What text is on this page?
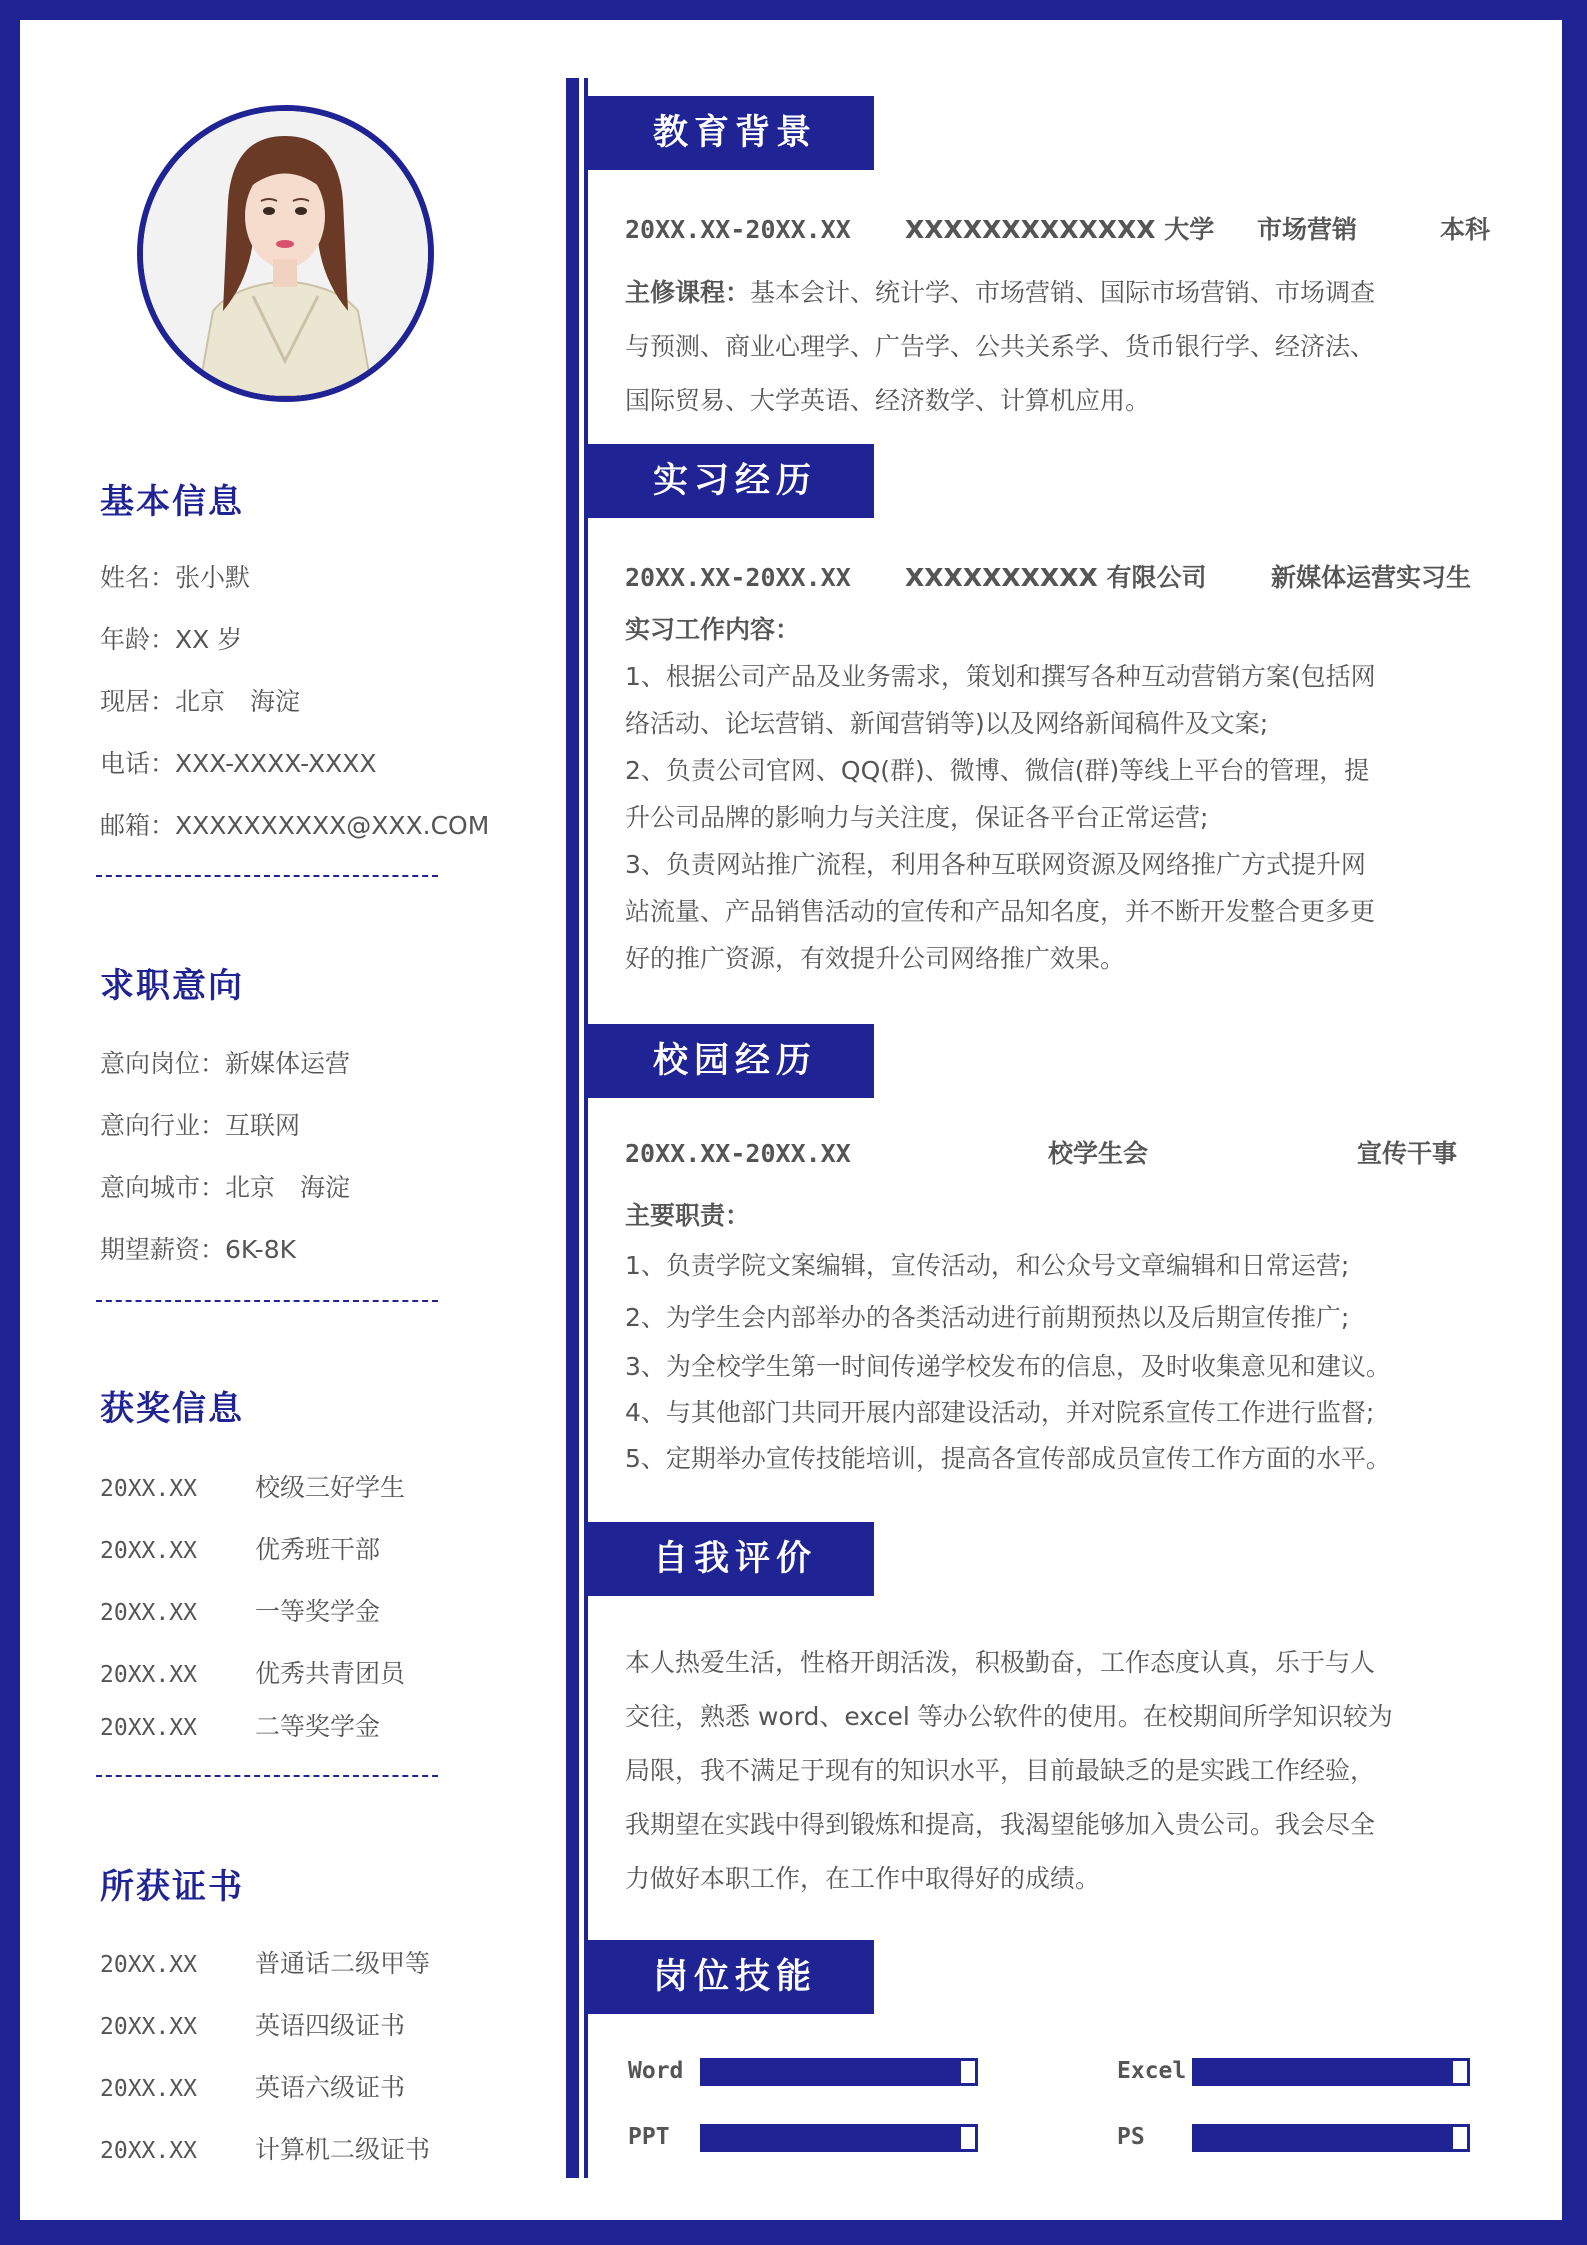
基本信息
姓名：张小默
年龄：XX 岁
现居：北京　海淀
电话：XXX-XXXX-XXXX
邮箱：XXXXXXXXXX@XXX.COM
求职意向
意向岗位：新媒体运营
意向行业：互联网
意向城市：北京　海淀
期望薪资：6K-8K
获奖信息
20XX.XX 校级三好学生
20XX.XX 优秀班干部
20XX.XX 一等奖学金
20XX.XX 优秀共青团员
20XX.XX 二等奖学金
所获证书
20XX.XX 普通话二级甲等
20XX.XX 英语四级证书
20XX.XX 英语六级证书
20XX.XX 计算机二级证书
教育背景
20XX.XX-20XX.XX XXXXXXXXXXXXX 大学 市场营销	本科
主修课程：基本会计、统计学、市场营销、国际市场营销、市场调查
与预测、商业心理学、广告学、公共关系学、货币银行学、经济法、
国际贸易、大学英语、经济数学、计算机应用。
实习经历
20XX.XX-20XX.XX XXXXXXXXXX 有限公司	新媒体运营实习生
实习工作内容：
1、根据公司产品及业务需求，策划和撰写各种互动营销方案(包括网
络活动、论坛营销、新闻营销等)以及网络新闻稿件及文案;
2、负责公司官网、QQ(群)、微博、微信(群)等线上平台的管理，提
升公司品牌的影响力与关注度，保证各平台正常运营;
3、负责网站推广流程，利用各种互联网资源及网络推广方式提升网
站流量、产品销售活动的宣传和产品知名度，并不断开发整合更多更
好的推广资源，有效提升公司网络推广效果。
校园经历
20XX.XX-20XX.XX	校学生会	宣传干事
主要职责：
1、负责学院文案编辑，宣传活动，和公众号文章编辑和日常运营;
2、为学生会内部举办的各类活动进行前期预热以及后期宣传推广;
3、为全校学生第一时间传递学校发布的信息，及时收集意见和建议。
4、与其他部门共同开展内部建设活动，并对院系宣传工作进行监督;
5、定期举办宣传技能培训，提高各宣传部成员宣传工作方面的水平。
自我评价
本人热爱生活，性格开朗活泼，积极勤奋，工作态度认真，乐于与人
交往，熟悉 word、excel 等办公软件的使用。在校期间所学知识较为
局限，我不满足于现有的知识水平，目前最缺乏的是实践工作经验，
我期望在实践中得到锻炼和提高，我渴望能够加入贵公司。我会尽全
力做好本职工作，在工作中取得好的成绩。
岗位技能
Word	Excel
PPT	PS
